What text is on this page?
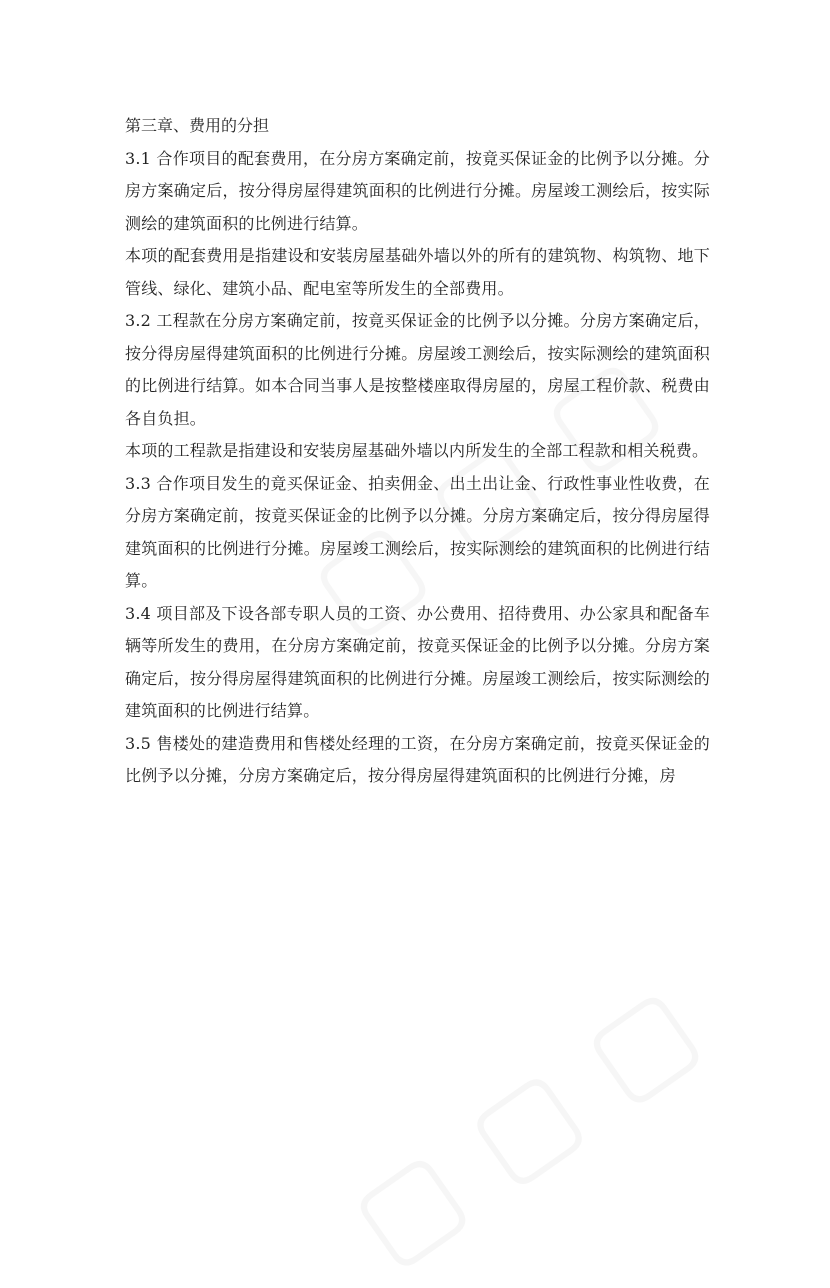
第三章、费用的分担

3.1 合作项目的配套费用，在分房方案确定前，按竟买保证金的比例予以分摊。分房方案确定后，按分得房屋得建筑面积的比例进行分摊。房屋竣工测绘后，按实际测绘的建筑面积的比例进行结算。

本项的配套费用是指建设和安装房屋基础外墙以外的所有的建筑物、构筑物、地下管线、绿化、建筑小品、配电室等所发生的全部费用。

3.2 工程款在分房方案确定前，按竟买保证金的比例予以分摊。分房方案确定后，按分得房屋得建筑面积的比例进行分摊。房屋竣工测绘后，按实际测绘的建筑面积的比例进行结算。如本合同当事人是按整楼座取得房屋的，房屋工程价款、税费由各自负担。

本项的工程款是指建设和安装房屋基础外墙以内所发生的全部工程款和相关税费。

3.3 合作项目发生的竟买保证金、拍卖佣金、出土出让金、行政性事业性收费，在分房方案确定前，按竟买保证金的比例予以分摊。分房方案确定后，按分得房屋得建筑面积的比例进行分摊。房屋竣工测绘后，按实际测绘的建筑面积的比例进行结算。

3.4 项目部及下设各部专职人员的工资、办公费用、招待费用、办公家具和配备车辆等所发生的费用，在分房方案确定前，按竟买保证金的比例予以分摊。分房方案确定后，按分得房屋得建筑面积的比例进行分摊。房屋竣工测绘后，按实际测绘的建筑面积的比例进行结算。

3.5 售楼处的建造费用和售楼处经理的工资，在分房方案确定前，按竟买保证金的比例予以分摊，分房方案确定后，按分得房屋得建筑面积的比例进行分摊，房
